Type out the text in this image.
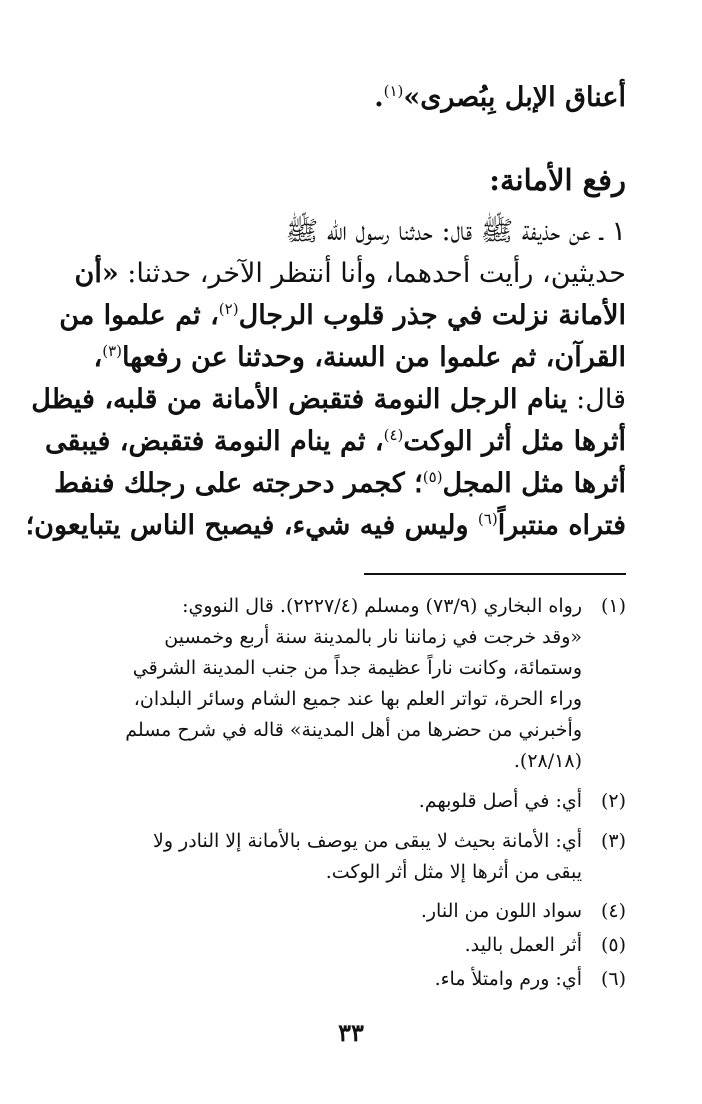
أعناق الإبل بِبُصرى»$^{(١)}$.
رفع الأمانة:
١ ـ عن حذيفة ﷺ قال: حدثنا رسول الله ﷺ
حديثين، رأيت أحدهما، وأنا أنتظر الآخر، حدثنا: «أن
الأمانة نزلت في جذر قلوب الرجال$^{(٢)}$، ثم علموا من
القرآن، ثم علموا من السنة، وحدثنا عن رفعها$^{(٣)}$،
قال: ينام الرجل النومة فتقبض الأمانة من قلبه، فيظل
أثرها مثل أثر الوكت$^{(٤)}$، ثم ينام النومة فتقبض، فيبقى
أثرها مثل المجل$^{(٥)}$؛ كجمر دحرجته على رجلك فنفط
فتراه منتبراً$^{(٦)}$ وليس فيه شيء، فيصبح الناس يتبايعون؛
(١)رواه البخاري (٧٣/٩) ومسلم (٢٢٢٧/٤). قال النووي:
«وقد خرجت في زماننا نار بالمدينة سنة أربع وخمسين
وستمائة، وكانت ناراً عظيمة جداً من جنب المدينة الشرقي
وراء الحرة، تواتر العلم بها عند جميع الشام وسائر البلدان،
وأخبرني من حضرها من أهل المدينة» قاله في شرح مسلم
(٢٨/١٨).
(٢)أي: في أصل قلوبهم.
(٣)أي: الأمانة بحيث لا يبقى من يوصف بالأمانة إلا النادر ولا
يبقى من أثرها إلا مثل أثر الوكت.
(٤)سواد اللون من النار.
(٥)أثر العمل باليد.
(٦)أي: ورم وامتلأ ماء.
٣٣
